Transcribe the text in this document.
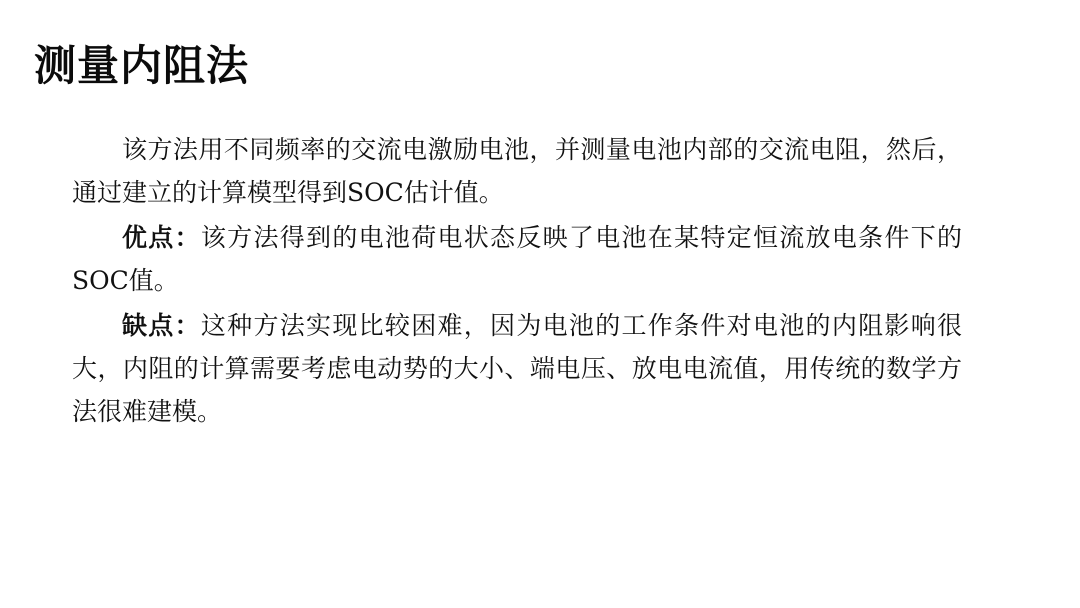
测量内阻法

该方法用不同频率的交流电激励电池，并测量电池内部的交流电阻，然后，通过建立的计算模型得到SOC估计值。

优点：该方法得到的电池荷电状态反映了电池在某特定恒流放电条件下的SOC值。

缺点：这种方法实现比较困难，因为电池的工作条件对电池的内阻影响很大，内阻的计算需要考虑电动势的大小、端电压、放电电流值，用传统的数学方法很难建模。
